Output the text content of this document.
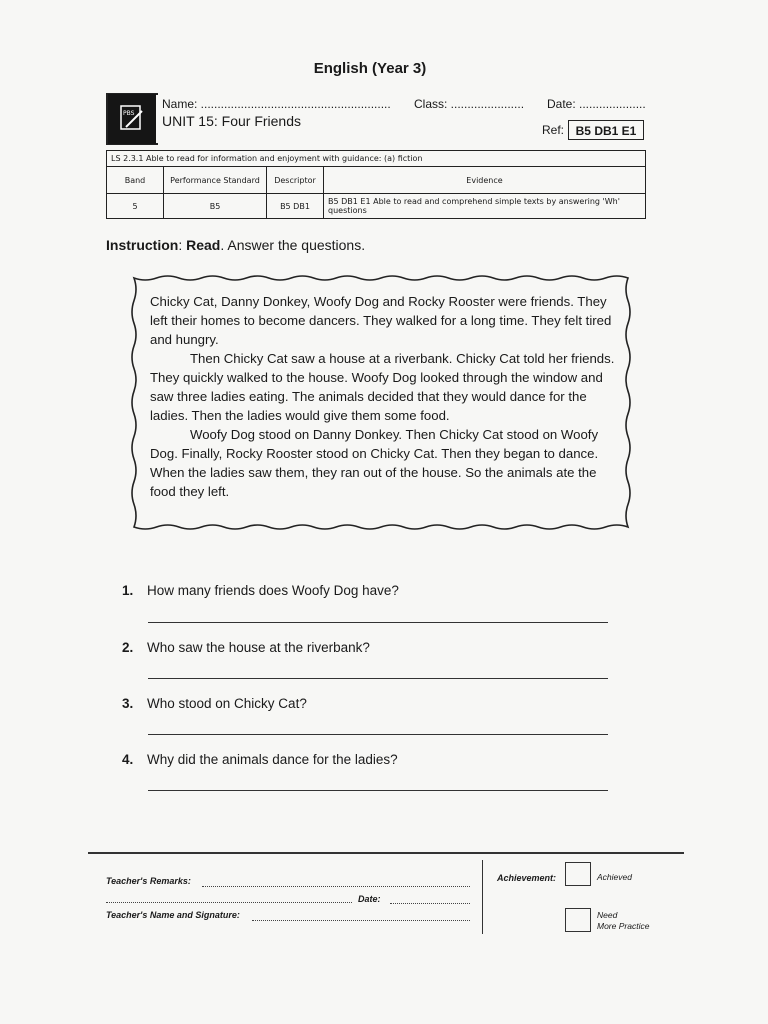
English (Year 3)
PBS
Name: ......................................................... Class: ...................... Date: ....................
UNIT 15: Four Friends
Ref: B5 DB1 E1
LS 2.3.1 Able to read for information and enjoyment with guidance: (a) fiction			
Band	Performance Standard	Descriptor	Evidence
5	B5	B5 DB1	B5 DB1 E1 Able to read and comprehend simple texts by answering 'Wh' questions
Instruction: Read. Answer the questions.

Chicky Cat, Danny Donkey, Woofy Dog and Rocky Rooster were friends. They left their homes to become dancers. They walked for a long time. They felt tired and hungry.

Then Chicky Cat saw a house at a riverbank. Chicky Cat told her friends. They quickly walked to the house. Woofy Dog looked through the window and saw three ladies eating. The animals decided that they would dance for the ladies. Then the ladies would give them some food.

Woofy Dog stood on Danny Donkey. Then Chicky Cat stood on Woofy Dog. Finally, Rocky Rooster stood on Chicky Cat. Then they began to dance. When the ladies saw them, they ran out of the house. So the animals ate the food they left.

1. How many friends does Woofy Dog have?
2. Who saw the house at the riverbank?
3. Who stood on Chicky Cat?
4. Why did the animals dance for the ladies?
Teacher's Remarks:
Date:
Teacher's Name and Signature:
Achievement:	Achieved
Need
More Practice
